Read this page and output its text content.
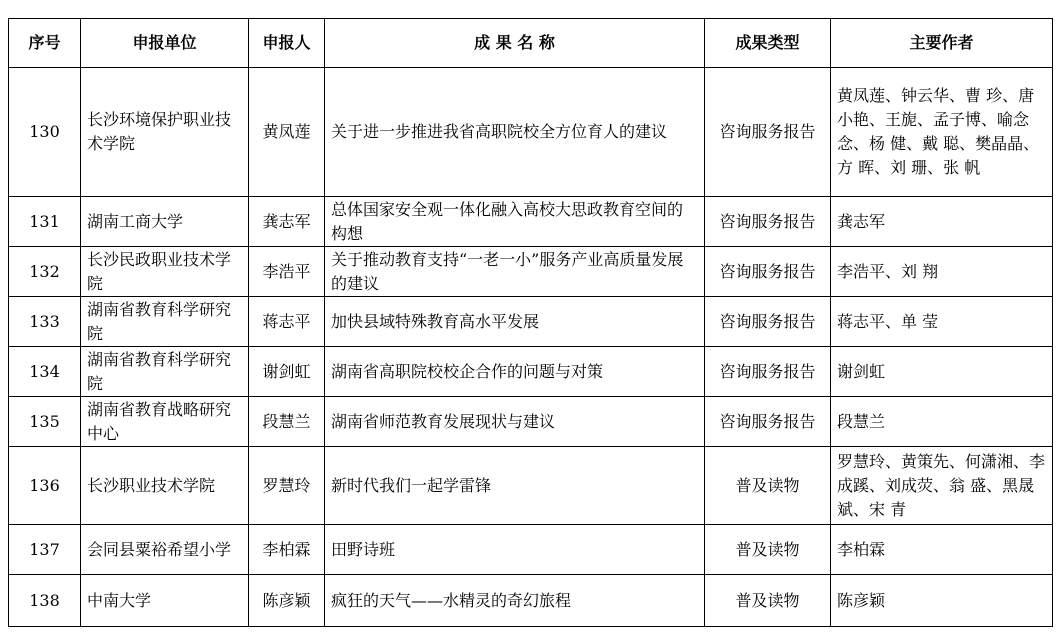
序号	申报单位	申报人	成 果 名 称	成果类型	主要作者
130	长沙环境保护职业技术学院	黄凤莲	关于进一步推进我省高职院校全方位育人的建议	咨询服务报告	黄凤莲、钟云华、曹 珍、唐小艳、王旎、孟子博、喻念念、杨 健、戴 聪、樊晶晶、方 晖、刘 珊、张 帆
131	湖南工商大学	龚志军	总体国家安全观一体化融入高校大思政教育空间的构想	咨询服务报告	龚志军
132	长沙民政职业技术学院	李浩平	关于推动教育支持“一老一小”服务产业高质量发展的建议	咨询服务报告	李浩平、刘 翔
133	湖南省教育科学研究院	蒋志平	加快县域特殊教育高水平发展	咨询服务报告	蒋志平、单 莹
134	湖南省教育科学研究院	谢剑虹	湖南省高职院校校企合作的问题与对策	咨询服务报告	谢剑虹
135	湖南省教育战略研究中心	段慧兰	湖南省师范教育发展现状与建议	咨询服务报告	段慧兰
136	长沙职业技术学院	罗慧玲	新时代我们一起学雷锋	普及读物	罗慧玲、黄策先、何潇湘、李成蹊、刘成荧、翁 盛、黑晟斌、宋 青
137	会同县粟裕希望小学	李柏霖	田野诗班	普及读物	李柏霖
138	中南大学	陈彦颖	疯狂的天气——水精灵的奇幻旅程	普及读物	陈彦颖
